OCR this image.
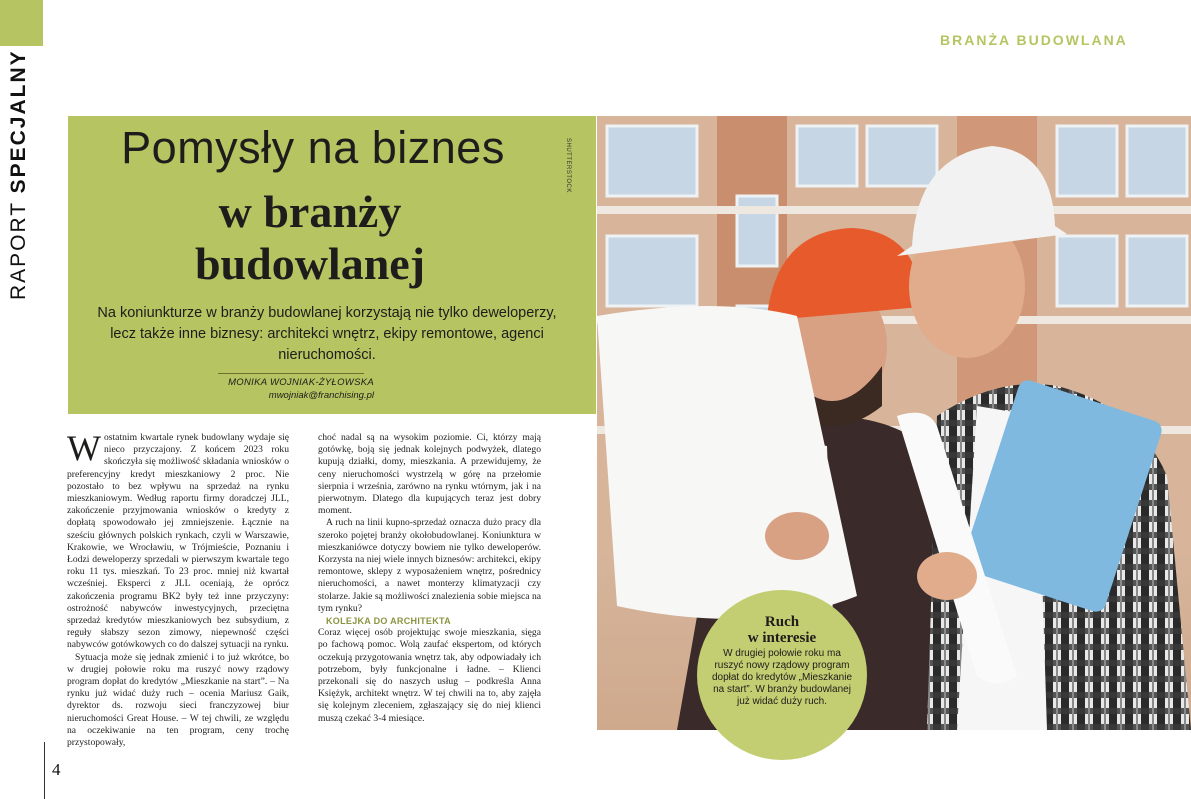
RAPORT SPECJALNY
BRANŻA BUDOWLANA
Pomysły na biznes
w branży
budowlanej
SHUTTERSTOCK
Na koniunkturze w branży budowlanej korzystają nie tylko deweloperzy, lecz także inne biznesy: architekci wnętrz, ekipy remontowe, agenci nieruchomości.
MONIKA WOJNIAK-ŻYŁOWSKA
mwojniak@franchising.pl

Wostatnim kwartale rynek budowlany wydaje się nieco przyczajony. Z końcem 2023 roku skończyła się możliwość składania wniosków o preferencyjny kredyt mieszkaniowy 2 proc. Nie pozostało to bez wpływu na sprzedaż na rynku mieszkaniowym. Według raportu firmy doradczej JLL, zakończenie przyjmowania wniosków o kredyty z dopłatą spowodowało jej zmniejszenie. Łącznie na sześciu głównych polskich rynkach, czyli w Warszawie, Krakowie, we Wrocławiu, w Trójmieście, Poznaniu i Łodzi deweloperzy sprzedali w pierwszym kwartale tego roku 11 tys. mieszkań. To 23 proc. mniej niż kwartał wcześniej. Eksperci z JLL oceniają, że oprócz zakończenia programu BK2 były też inne przyczyny: ostrożność nabywców inwestycyjnych, przeciętna sprzedaż kredytów mieszkaniowych bez subsydium, z reguły słabszy sezon zimowy, niepewność części nabywców gotówkowych co do dalszej sytuacji na rynku.

Sytuacja może się jednak zmienić i to już wkrótce, bo w drugiej połowie roku ma ruszyć nowy rządowy program dopłat do kredytów „Mieszkanie na start”. – Na rynku już widać duży ruch – ocenia Mariusz Gaik, dyrektor ds. rozwoju sieci franczyzowej biur nieruchomości Great House. – W tej chwili, ze względu na oczekiwanie na ten program, ceny trochę przystopowały,

choć nadal są na wysokim poziomie. Ci, którzy mają gotówkę, boją się jednak kolejnych podwyżek, dlatego kupują działki, domy, mieszkania. A przewidujemy, że ceny nieruchomości wystrzelą w górę na przełomie sierpnia i września, zarówno na rynku wtórnym, jak i na pierwotnym. Dlatego dla kupujących teraz jest dobry moment.

A ruch na linii kupno-sprzedaż oznacza dużo pracy dla szeroko pojętej branży okołobudowlanej. Koniunktura w mieszkaniówce dotyczy bowiem nie tylko deweloperów. Korzysta na niej wiele innych biznesów: architekci, ekipy remontowe, sklepy z wyposażeniem wnętrz, pośrednicy nieruchomości, a nawet monterzy klimatyzacji czy stolarze. Jakie są możliwości znalezienia sobie miejsca na tym rynku?

KOLEJKA DO ARCHITEKTA

Coraz więcej osób projektując swoje mieszkania, sięga po fachową pomoc. Wolą zaufać ekspertom, od których oczekują przygotowania wnętrz tak, aby odpowiadały ich potrzebom, były funkcjonalne i ładne. – Klienci przekonali się do naszych usług – podkreśla Anna Księżyk, architekt wnętrz. W tej chwili na to, aby zajęła się kolejnym zleceniem, zgłaszający się do niej klienci muszą czekać 3-4 miesiące.

Ruch
w interesie
W drugiej połowie roku ma ruszyć nowy rządowy program dopłat do kredytów „Mieszkanie na start”. W branży budowlanej już widać duży ruch.
4
